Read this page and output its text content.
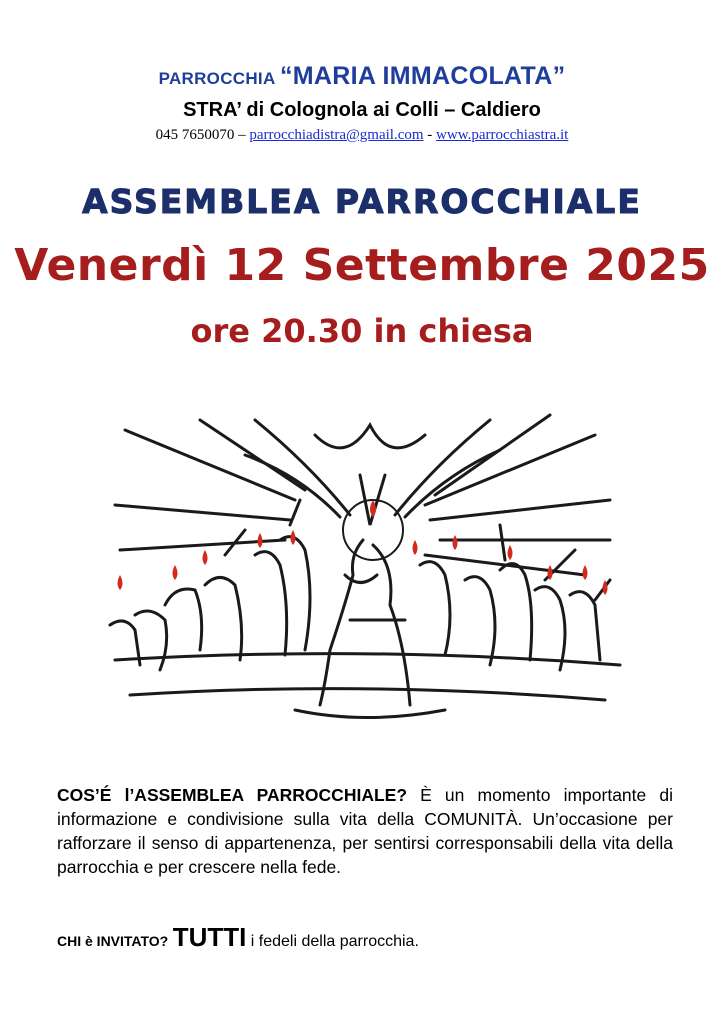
PARROCCHIA “MARIA IMMACOLATA”
STRA’ di Colognola ai Colli – Caldiero
045 7650070 – parrocchiadistra@gmail.com - www.parrocchiastra.it
ASSEMBLEA PARROCCHIALE
Venerdì 12 Settembre 2025
ore 20.30 in chiesa
COS’É l’ASSEMBLEA PARROCCHIALE? È un momento importante di informazione e condivisione sulla vita della COMUNITÀ. Un’occasione per rafforzare il senso di appartenenza, per sentirsi corresponsabili della vita della parrocchia e per crescere nella fede.
CHI è INVITATO? TUTTI i fedeli della parrocchia.
